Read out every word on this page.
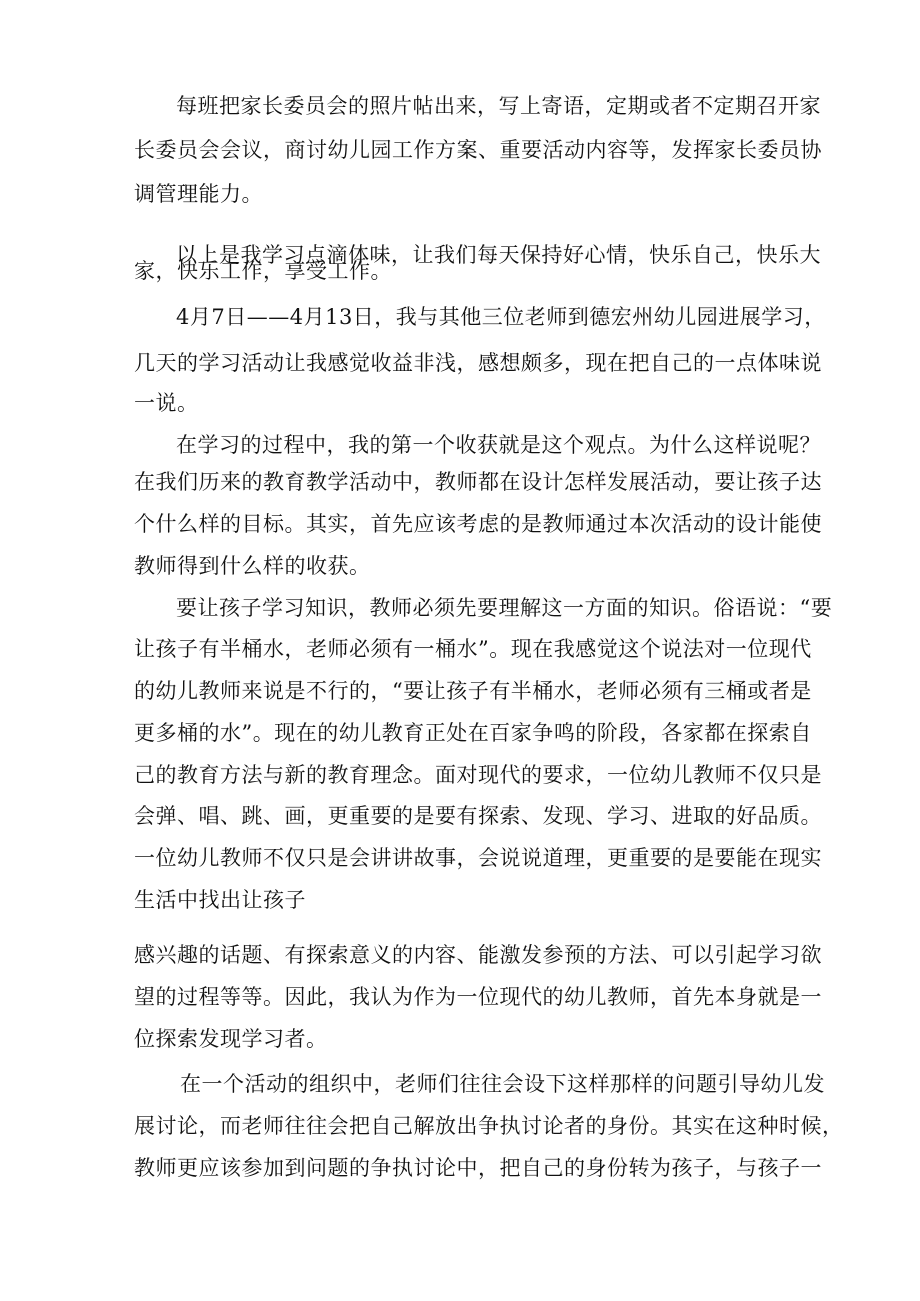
每班把家长委员会的照片帖出来，写上寄语，定期或者不定期召开家
长委员会会议，商讨幼儿园工作方案、重要活动内容等，发挥家长委员协
调管理能力。
以上是我学习点滴体味，让我们每天保持好心情，快乐自己，快乐大
家，快乐工作，享受工作。
4月7日——4月13日，我与其他三位老师到德宏州幼儿园进展学习，
几天的学习活动让我感觉收益非浅，感想颇多，现在把自己的一点体味说
一说。
在学习的过程中，我的第一个收获就是这个观点。为什么这样说呢？
在我们历来的教育教学活动中，教师都在设计怎样发展活动，要让孩子达
个什么样的目标。其实，首先应该考虑的是教师通过本次活动的设计能使
教师得到什么样的收获。
要让孩子学习知识，教师必须先要理解这一方面的知识。俗语说：“要
让孩子有半桶水，老师必须有一桶水”。现在我感觉这个说法对一位现代
的幼儿教师来说是不行的，“要让孩子有半桶水，老师必须有三桶或者是
更多桶的水”。现在的幼儿教育正处在百家争鸣的阶段，各家都在探索自
己的教育方法与新的教育理念。面对现代的要求，一位幼儿教师不仅只是
会弹、唱、跳、画，更重要的是要有探索、发现、学习、进取的好品质。
一位幼儿教师不仅只是会讲讲故事，会说说道理，更重要的是要能在现实
生活中找出让孩子
感兴趣的话题、有探索意义的内容、能激发参预的方法、可以引起学习欲
望的过程等等。因此，我认为作为一位现代的幼儿教师，首先本身就是一
位探索发现学习者。
在一个活动的组织中，老师们往往会设下这样那样的问题引导幼儿发
展讨论，而老师往往会把自己解放出争执讨论者的身份。其实在这种时候，
教师更应该参加到问题的争执讨论中，把自己的身份转为孩子，与孩子一
